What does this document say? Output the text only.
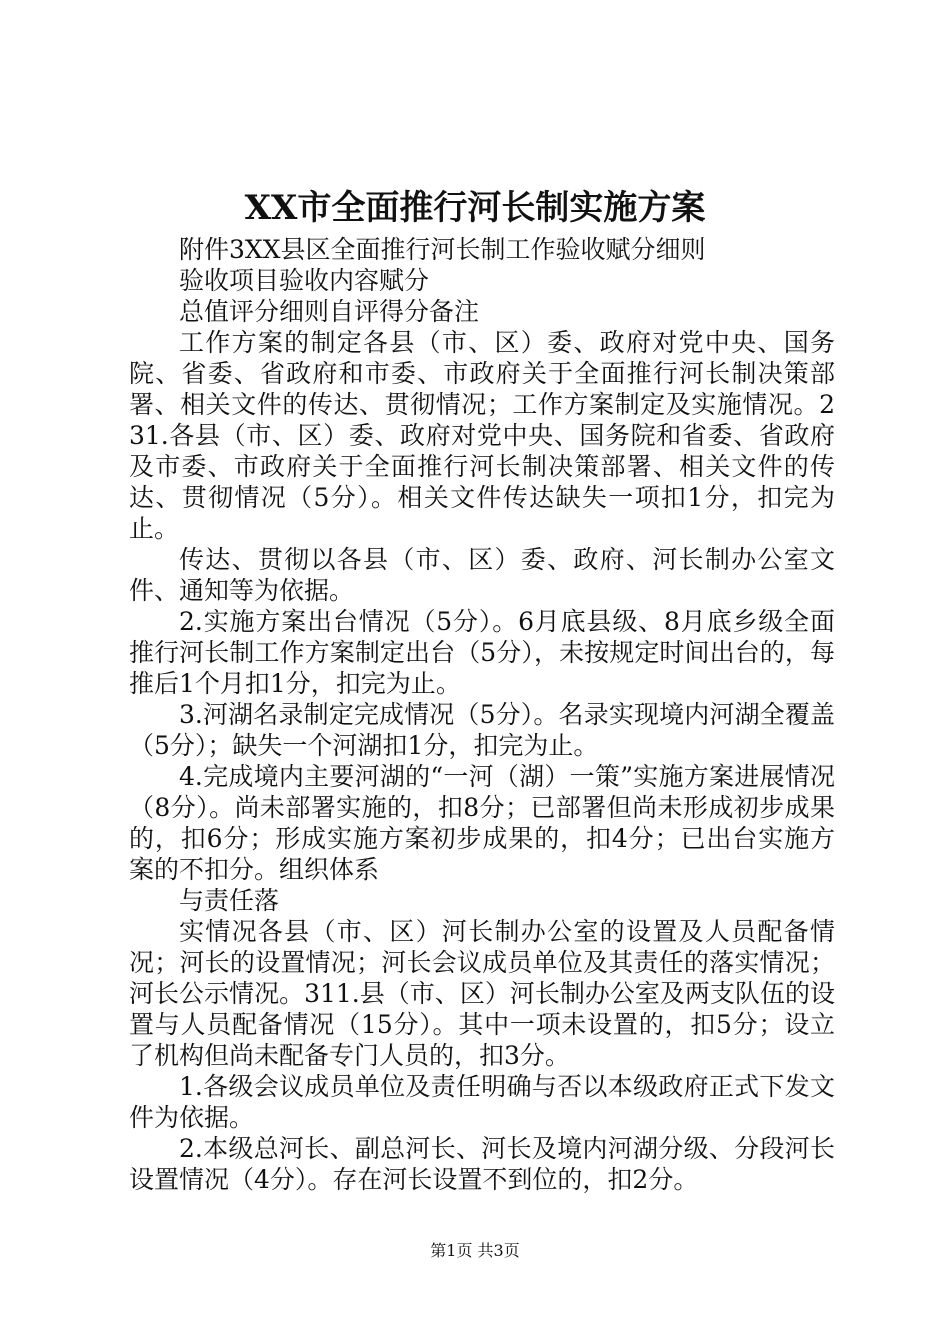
XX市全面推行河长制实施方案

附件3XX县区全面推行河长制工作验收赋分细则

验收项目验收内容赋分

总值评分细则自评得分备注

工作方案的制定各县（市、区）委、政府对党中央、国务院、省委、省政府和市委、市政府关于全面推行河长制决策部署、相关文件的传达、贯彻情况；工作方案制定及实施情况。231.各县（市、区）委、政府对党中央、国务院和省委、省政府及市委、市政府关于全面推行河长制决策部署、相关文件的传达、贯彻情况（5分）。相关文件传达缺失一项扣1分，扣完为止。

传达、贯彻以各县（市、区）委、政府、河长制办公室文件、通知等为依据。

2.实施方案出台情况（5分）。6月底县级、8月底乡级全面推行河长制工作方案制定出台（5分），未按规定时间出台的，每推后1个月扣1分，扣完为止。

3.河湖名录制定完成情况（5分）。名录实现境内河湖全覆盖（5分）；缺失一个河湖扣1分，扣完为止。

4.完成境内主要河湖的“一河（湖）一策”实施方案进展情况（8分）。尚未部署实施的，扣8分；已部署但尚未形成初步成果的，扣6分；形成实施方案初步成果的，扣4分；已出台实施方案的不扣分。组织体系

与责任落

实情况各县（市、区）河长制办公室的设置及人员配备情况；河长的设置情况；河长会议成员单位及其责任的落实情况；河长公示情况。311.县（市、区）河长制办公室及两支队伍的设置与人员配备情况（15分）。其中一项未设置的，扣5分；设立了机构但尚未配备专门人员的，扣3分。

1.各级会议成员单位及责任明确与否以本级政府正式下发文件为依据。

2.本级总河长、副总河长、河长及境内河湖分级、分段河长设置情况（4分）。存在河长设置不到位的，扣2分。

第1页 共3页
